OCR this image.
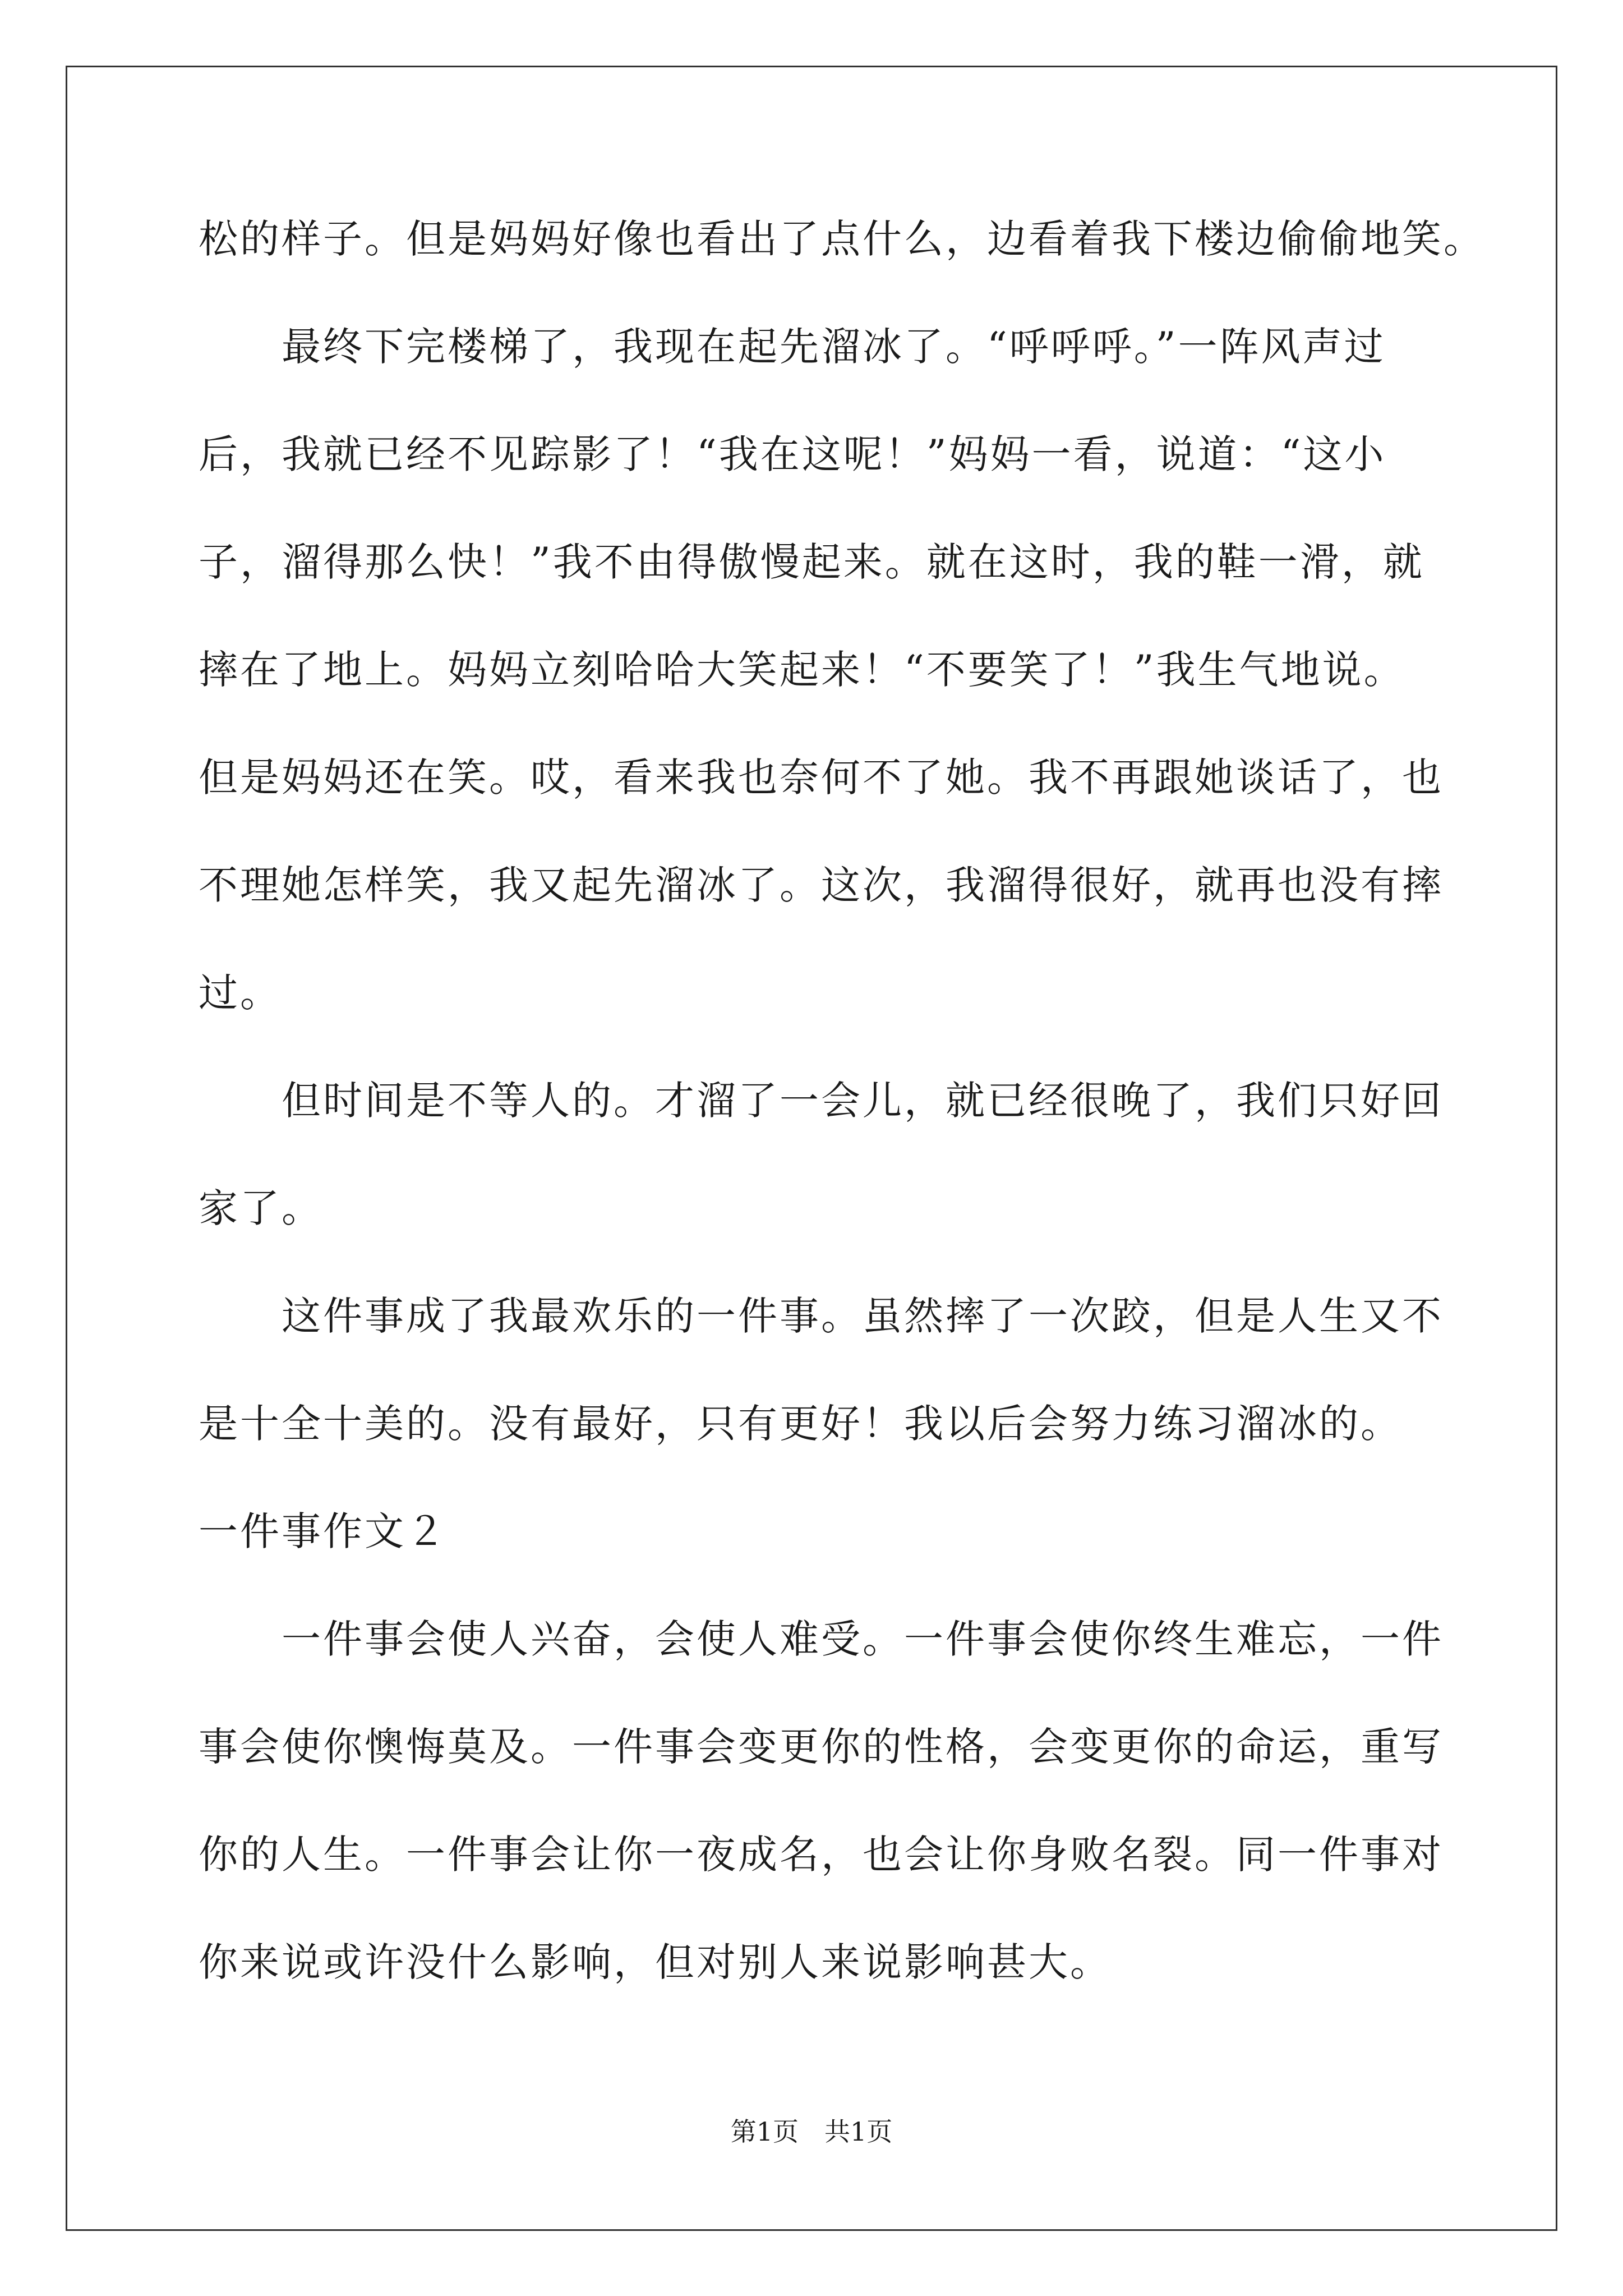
松的样子。但是妈妈好像也看出了点什么，边看着我下楼边偷偷地笑。
最终下完楼梯了，我现在起先溜冰了。“呼呼呼。”一阵风声过
后，我就已经不见踪影了！“我在这呢！”妈妈一看，说道：“这小
子，溜得那么快！”我不由得傲慢起来。就在这时，我的鞋一滑，就
摔在了地上。妈妈立刻哈哈大笑起来！“不要笑了！”我生气地说。
但是妈妈还在笑。哎，看来我也奈何不了她。我不再跟她谈话了，也
不理她怎样笑，我又起先溜冰了。这次，我溜得很好，就再也没有摔
过。
但时间是不等人的。才溜了一会儿，就已经很晚了，我们只好回
家了。
这件事成了我最欢乐的一件事。虽然摔了一次跤，但是人生又不
是十全十美的。没有最好，只有更好！我以后会努力练习溜冰的。
一件事作文２
一件事会使人兴奋，会使人难受。一件事会使你终生难忘，一件
事会使你懊悔莫及。一件事会变更你的性格，会变更你的命运，重写
你的人生。一件事会让你一夜成名，也会让你身败名裂。同一件事对
你来说或许没什么影响，但对别人来说影响甚大。
第1页　共1页
